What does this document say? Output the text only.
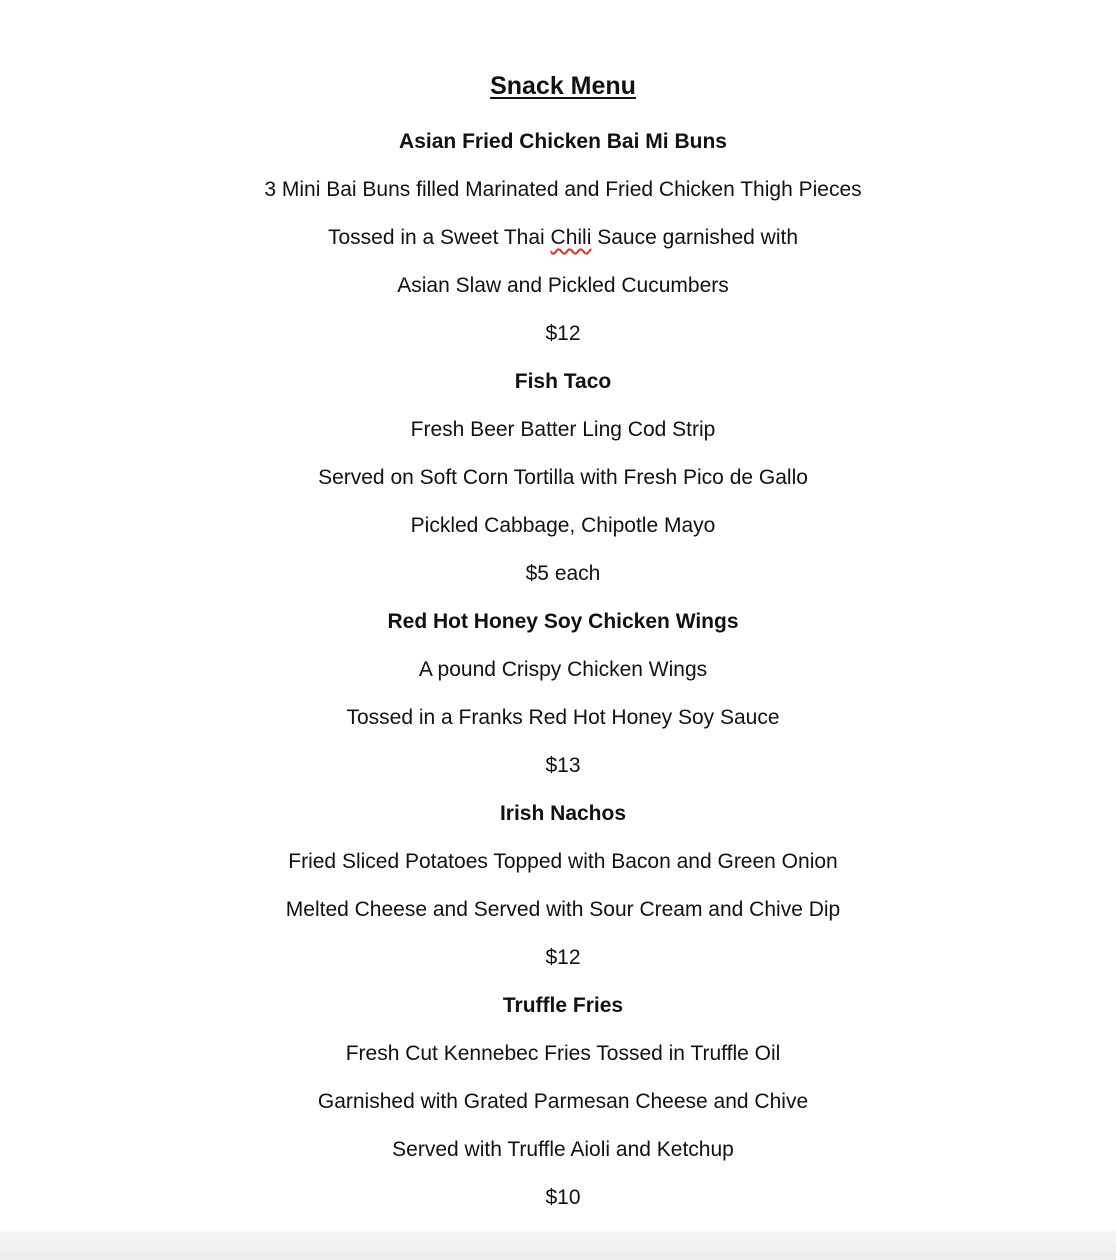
Snack Menu
Asian Fried Chicken Bai Mi Buns
3 Mini Bai Buns filled Marinated and Fried Chicken Thigh Pieces
Tossed in a Sweet Thai Chili Sauce garnished with
Asian Slaw and Pickled Cucumbers
$12
Fish Taco
Fresh Beer Batter Ling Cod Strip
Served on Soft Corn Tortilla with Fresh Pico de Gallo
Pickled Cabbage, Chipotle Mayo
$5 each
Red Hot Honey Soy Chicken Wings
A pound Crispy Chicken Wings
Tossed in a Franks Red Hot Honey Soy Sauce
$13
Irish Nachos
Fried Sliced Potatoes Topped with Bacon and Green Onion
Melted Cheese and Served with Sour Cream and Chive Dip
$12
Truffle Fries
Fresh Cut Kennebec Fries Tossed in Truffle Oil
Garnished with Grated Parmesan Cheese and Chive
Served with Truffle Aioli and Ketchup
$10
